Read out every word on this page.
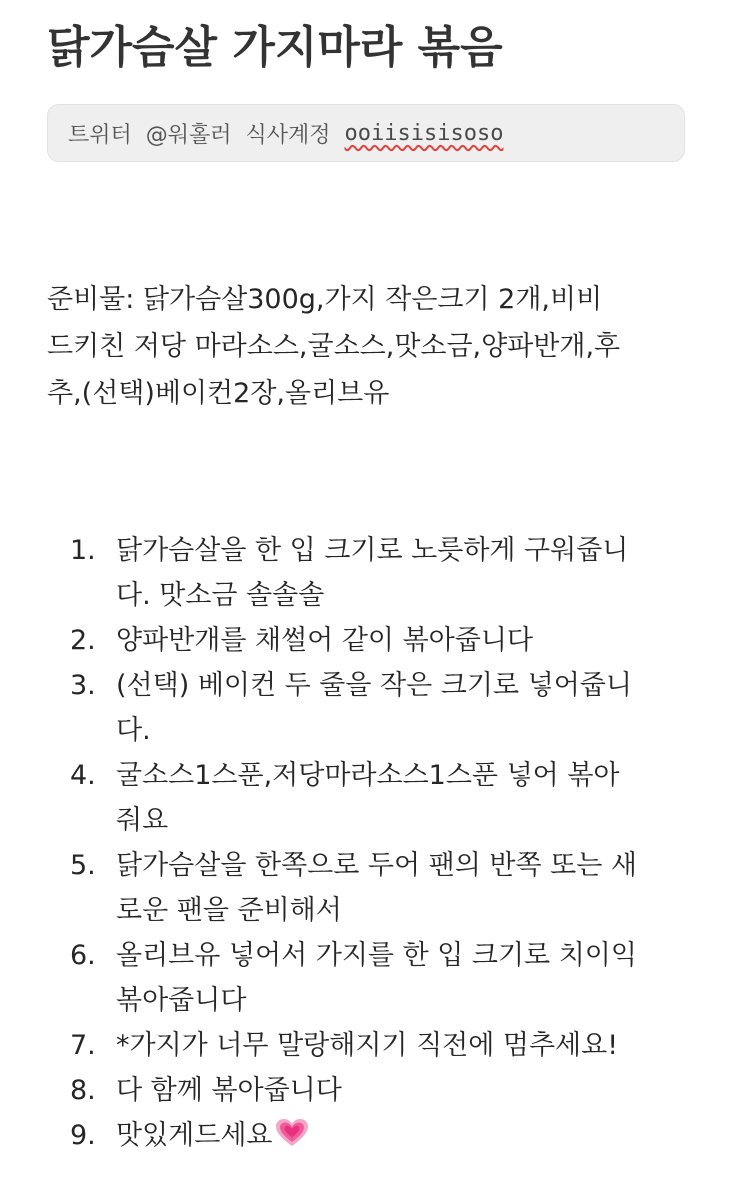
닭가슴살 가지마라 볶음
트위터 @워홀러 식사계정 ooiisisisoso

준비물: 닭가슴살300g,가지 작은크기 2개,비비
드키친 저당 마라소스,굴소스,맛소금,양파반개,후
추,(선택)베이컨2장,올리브유

1. 닭가슴살을 한 입 크기로 노릇하게 구워줍니
다. 맛소금 솔솔솔
2. 양파반개를 채썰어 같이 볶아줍니다
3. (선택) 베이컨 두 줄을 작은 크기로 넣어줍니
다.
4. 굴소스1스푼,저당마라소스1스푼 넣어 볶아
줘요
5. 닭가슴살을 한쪽으로 두어 팬의 반쪽 또는 새
로운 팬을 준비해서
6. 올리브유 넣어서 가지를 한 입 크기로 치이익
볶아줍니다
7. *가지가 너무 말랑해지기 직전에 멈추세요!
8. 다 함께 볶아줍니다
9. 맛있게드세요
